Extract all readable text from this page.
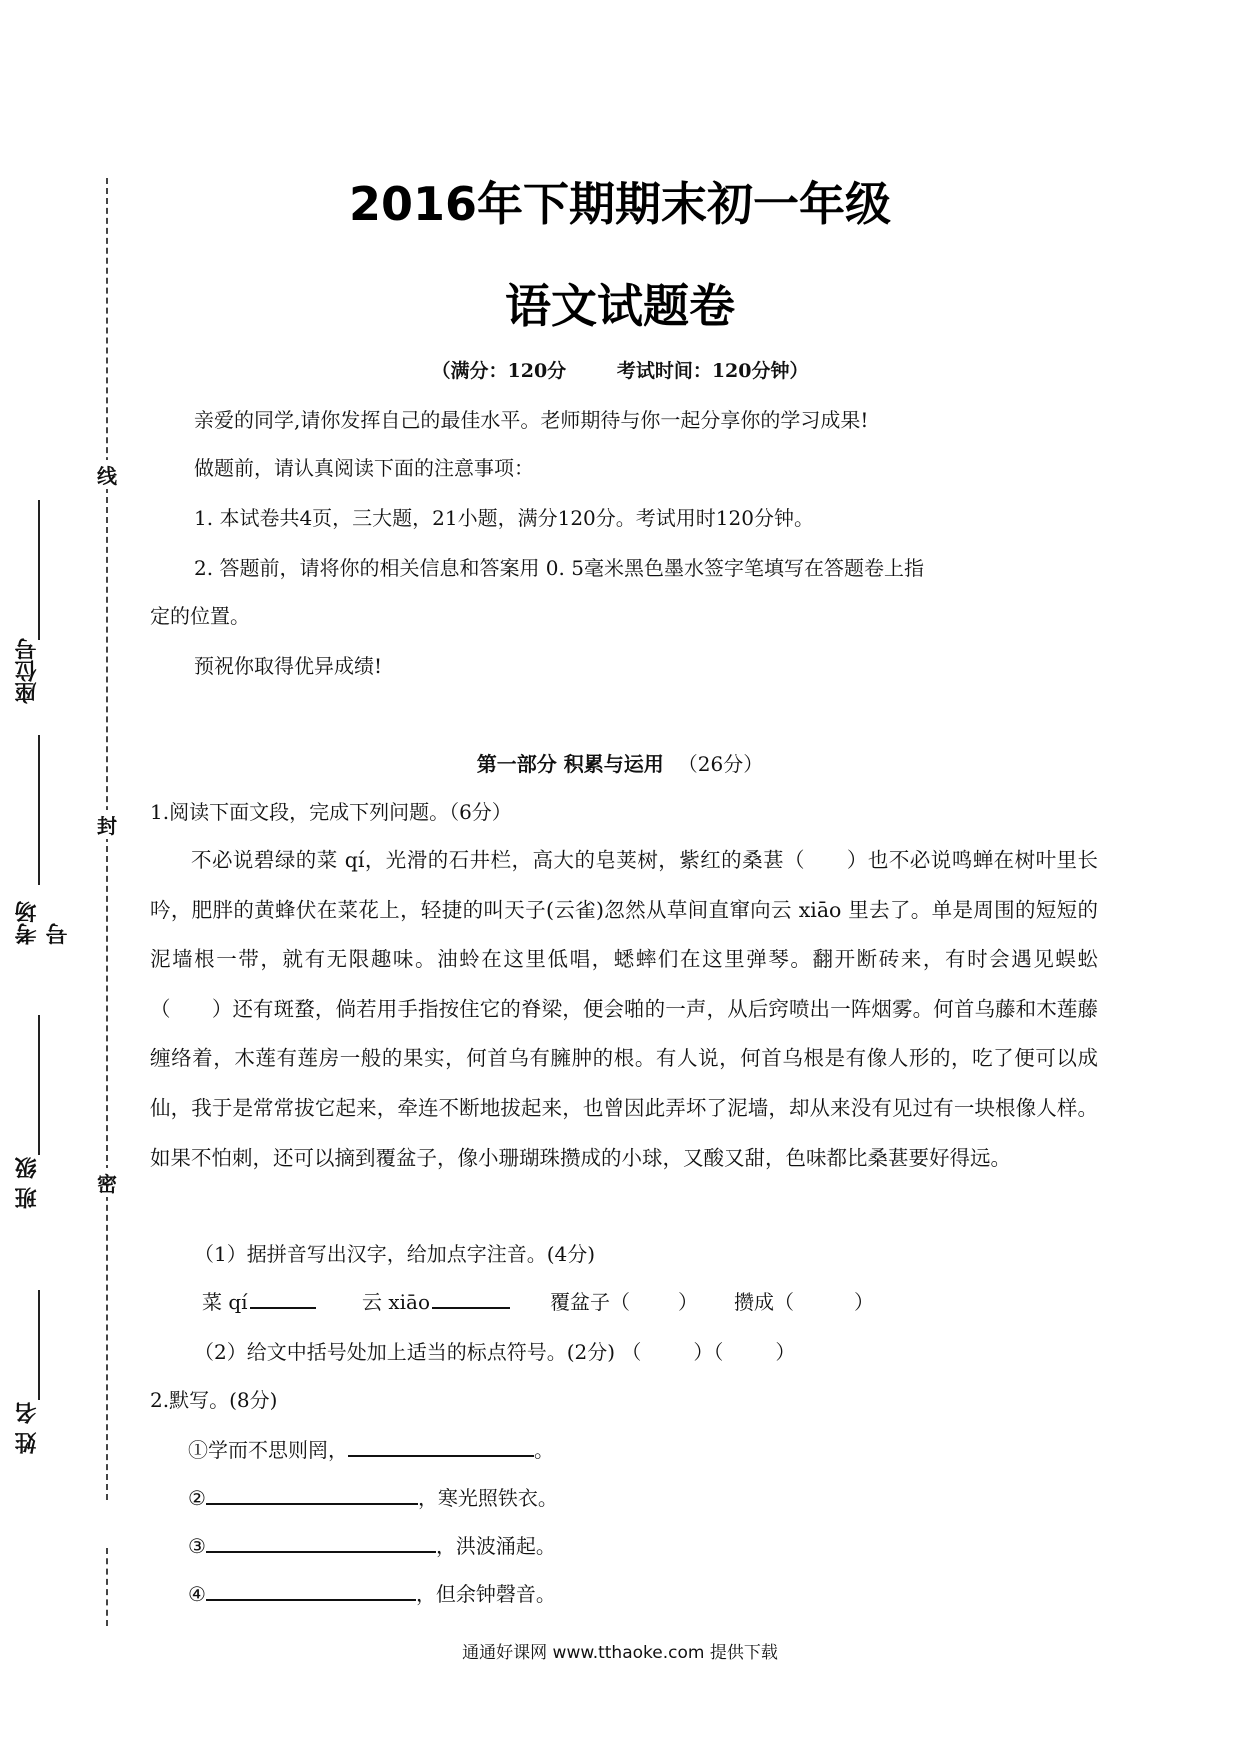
线
封
密
座位号
考场号
班 级
姓 名
2016年下期期末初一年级
语文试题卷
（满分：120分	考试时间：120分钟）
亲爱的同学,请你发挥自己的最佳水平。老师期待与你一起分享你的学习成果!
做题前，请认真阅读下面的注意事项：
1. 本试卷共4页，三大题，21小题，满分120分。考试用时120分钟。
2. 答题前，请将你的相关信息和答案用 0. 5毫米黑色墨水签字笔填写在答题卷上指
定的位置。
预祝你取得优异成绩!
第一部分 积累与运用 （26分）
1.阅读下面文段，完成下列问题。（6分）
不必说碧绿的菜 qí，光滑的石井栏，高大的皂荚树，紫红的桑葚（　　）也不必说鸣蝉在树叶里长吟，肥胖的黄蜂伏在菜花上，轻捷的叫天子(云雀)忽然从草间直窜向云 xiāo 里去了。单是周围的短短的泥墙根一带，就有无限趣味。油蛉在这里低唱，蟋蟀们在这里弹琴。翻开断砖来，有时会遇见蜈蚣（　　）还有斑蝥，倘若用手指按住它的脊梁，便会啪的一声，从后窍喷出一阵烟雾。何首乌藤和木莲藤缠络着，木莲有莲房一般的果实，何首乌有臃肿的根。有人说，何首乌根是有像人形的，吃了便可以成仙，我于是常常拔它起来，牵连不断地拔起来，也曾因此弄坏了泥墙，却从来没有见过有一块根像人样。如果不怕刺，还可以摘到覆盆子，像小珊瑚珠攒成的小球，又酸又甜，色味都比桑葚要好得远。
（1）据拼音写出汉字，给加点字注音。(4分)
菜 qí	云 xiāo	覆盆子（ ） 攒成（	）
（2）给文中括号处加上适当的标点符号。(2分) （	）（	）
2.默写。(8分)
①学而不思则罔，	。
②	，寒光照铁衣。
③	，洪波涌起。
④	，但余钟磬音。
通通好课网 www.tthaoke.com 提供下载
